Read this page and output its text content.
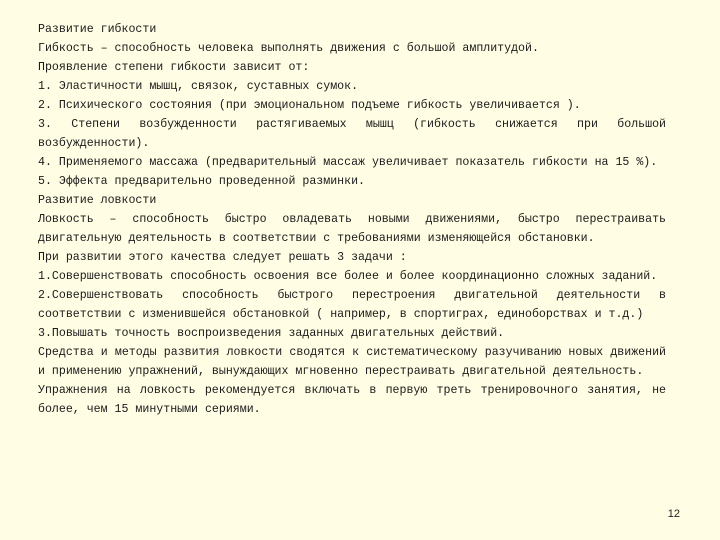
Развитие гибкости

Гибкость – способность человека выполнять движения с большой амплитудой.

Проявление степени гибкости зависит от:

1. Эластичности мышц, связок, суставных сумок.

2. Психического состояния (при эмоциональном подъеме гибкость увеличивается ).

3. Степени возбужденности растягиваемых мышц (гибкость снижается при большой возбужденности).

4. Применяемого массажа (предварительный массаж увеличивает показатель гибкости на 15 %).

5. Эффекта предварительно проведенной разминки.

Развитие ловкости

Ловкость – способность быстро овладевать новыми движениями, быстро перестраивать двигательную деятельность в соответствии с требованиями изменяющейся обстановки.

При развитии этого качества следует решать 3 задачи :

1.Совершенствовать способность освоения все более и более координационно сложных заданий.

2.Совершенствовать способность быстрого перестроения двигательной деятельности в соответствии с изменившейся обстановкой ( например, в спортиграх, единоборствах и т.д.)

3.Повышать точность воспроизведения заданных двигательных действий.

Средства и методы развития ловкости сводятся к систематическому разучиванию новых движений и применению упражнений, вынуждающих мгновенно перестраивать двигательной деятельность.

Упражнения на ловкость рекомендуется включать в первую треть тренировочного занятия, не более, чем 15 минутными сериями.

12
